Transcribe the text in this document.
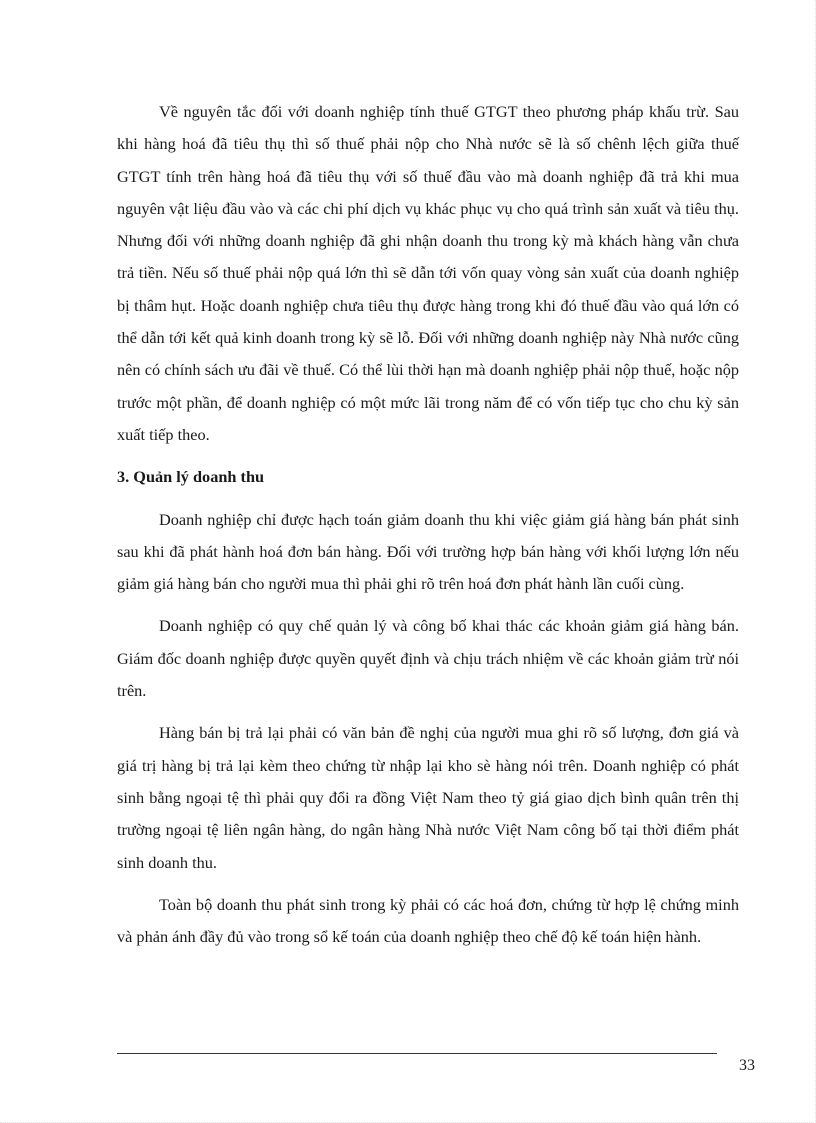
Về nguyên tắc đối với doanh nghiệp tính thuế GTGT theo phương pháp khấu trừ. Sau khi hàng hoá đã tiêu thụ thì số thuế phải nộp cho Nhà nước sẽ là số chênh lệch giữa thuế GTGT tính trên hàng hoá đã tiêu thụ với số thuế đầu vào mà doanh nghiệp đã trả khi mua nguyên vật liệu đầu vào và các chi phí dịch vụ khác phục vụ cho quá trình sản xuất và tiêu thụ. Nhưng đối với những doanh nghiệp đã ghi nhận doanh thu trong kỳ mà khách hàng vẫn chưa trả tiền. Nếu số thuế phải nộp quá lớn thì sẽ dẫn tới vốn quay vòng sản xuất của doanh nghiệp bị thâm hụt. Hoặc doanh nghiệp chưa tiêu thụ được hàng trong khi đó thuế đầu vào quá lớn có thể dẫn tới kết quả kinh doanh trong kỳ sẽ lỗ. Đối với những doanh nghiệp này Nhà nước cũng nên có chính sách ưu đãi về thuế. Có thể lùi thời hạn mà doanh nghiệp phải nộp thuế, hoặc nộp trước một phần, để doanh nghiệp có một mức lãi trong năm để có vốn tiếp tục cho chu kỳ sản xuất tiếp theo.

3. Quản lý doanh thu

Doanh nghiệp chỉ được hạch toán giảm doanh thu khi việc giảm giá hàng bán phát sinh sau khi đã phát hành hoá đơn bán hàng. Đối với trường hợp bán hàng với khối lượng lớn nếu giảm giá hàng bán cho người mua thì phải ghi rõ trên hoá đơn phát hành lần cuối cùng.

Doanh nghiệp có quy chế quản lý và công bố khai thác các khoản giảm giá hàng bán. Giám đốc doanh nghiệp được quyền quyết định và chịu trách nhiệm về các khoản giảm trừ nói trên.

Hàng bán bị trả lại phải có văn bản đề nghị của người mua ghi rõ số lượng, đơn giá và giá trị hàng bị trả lại kèm theo chứng từ nhập lại kho sè hàng nói trên. Doanh nghiệp có phát sinh bằng ngoại tệ thì phải quy đổi ra đồng Việt Nam theo tỷ giá giao dịch bình quân trên thị trường ngoại tệ liên ngân hàng, do ngân hàng Nhà nước Việt Nam công bố tại thời điểm phát sinh doanh thu.

Toàn bộ doanh thu phát sinh trong kỳ phải có các hoá đơn, chứng từ hợp lệ chứng minh và phản ánh đầy đủ vào trong sổ kế toán của doanh nghiệp theo chế độ kế toán hiện hành.

33
